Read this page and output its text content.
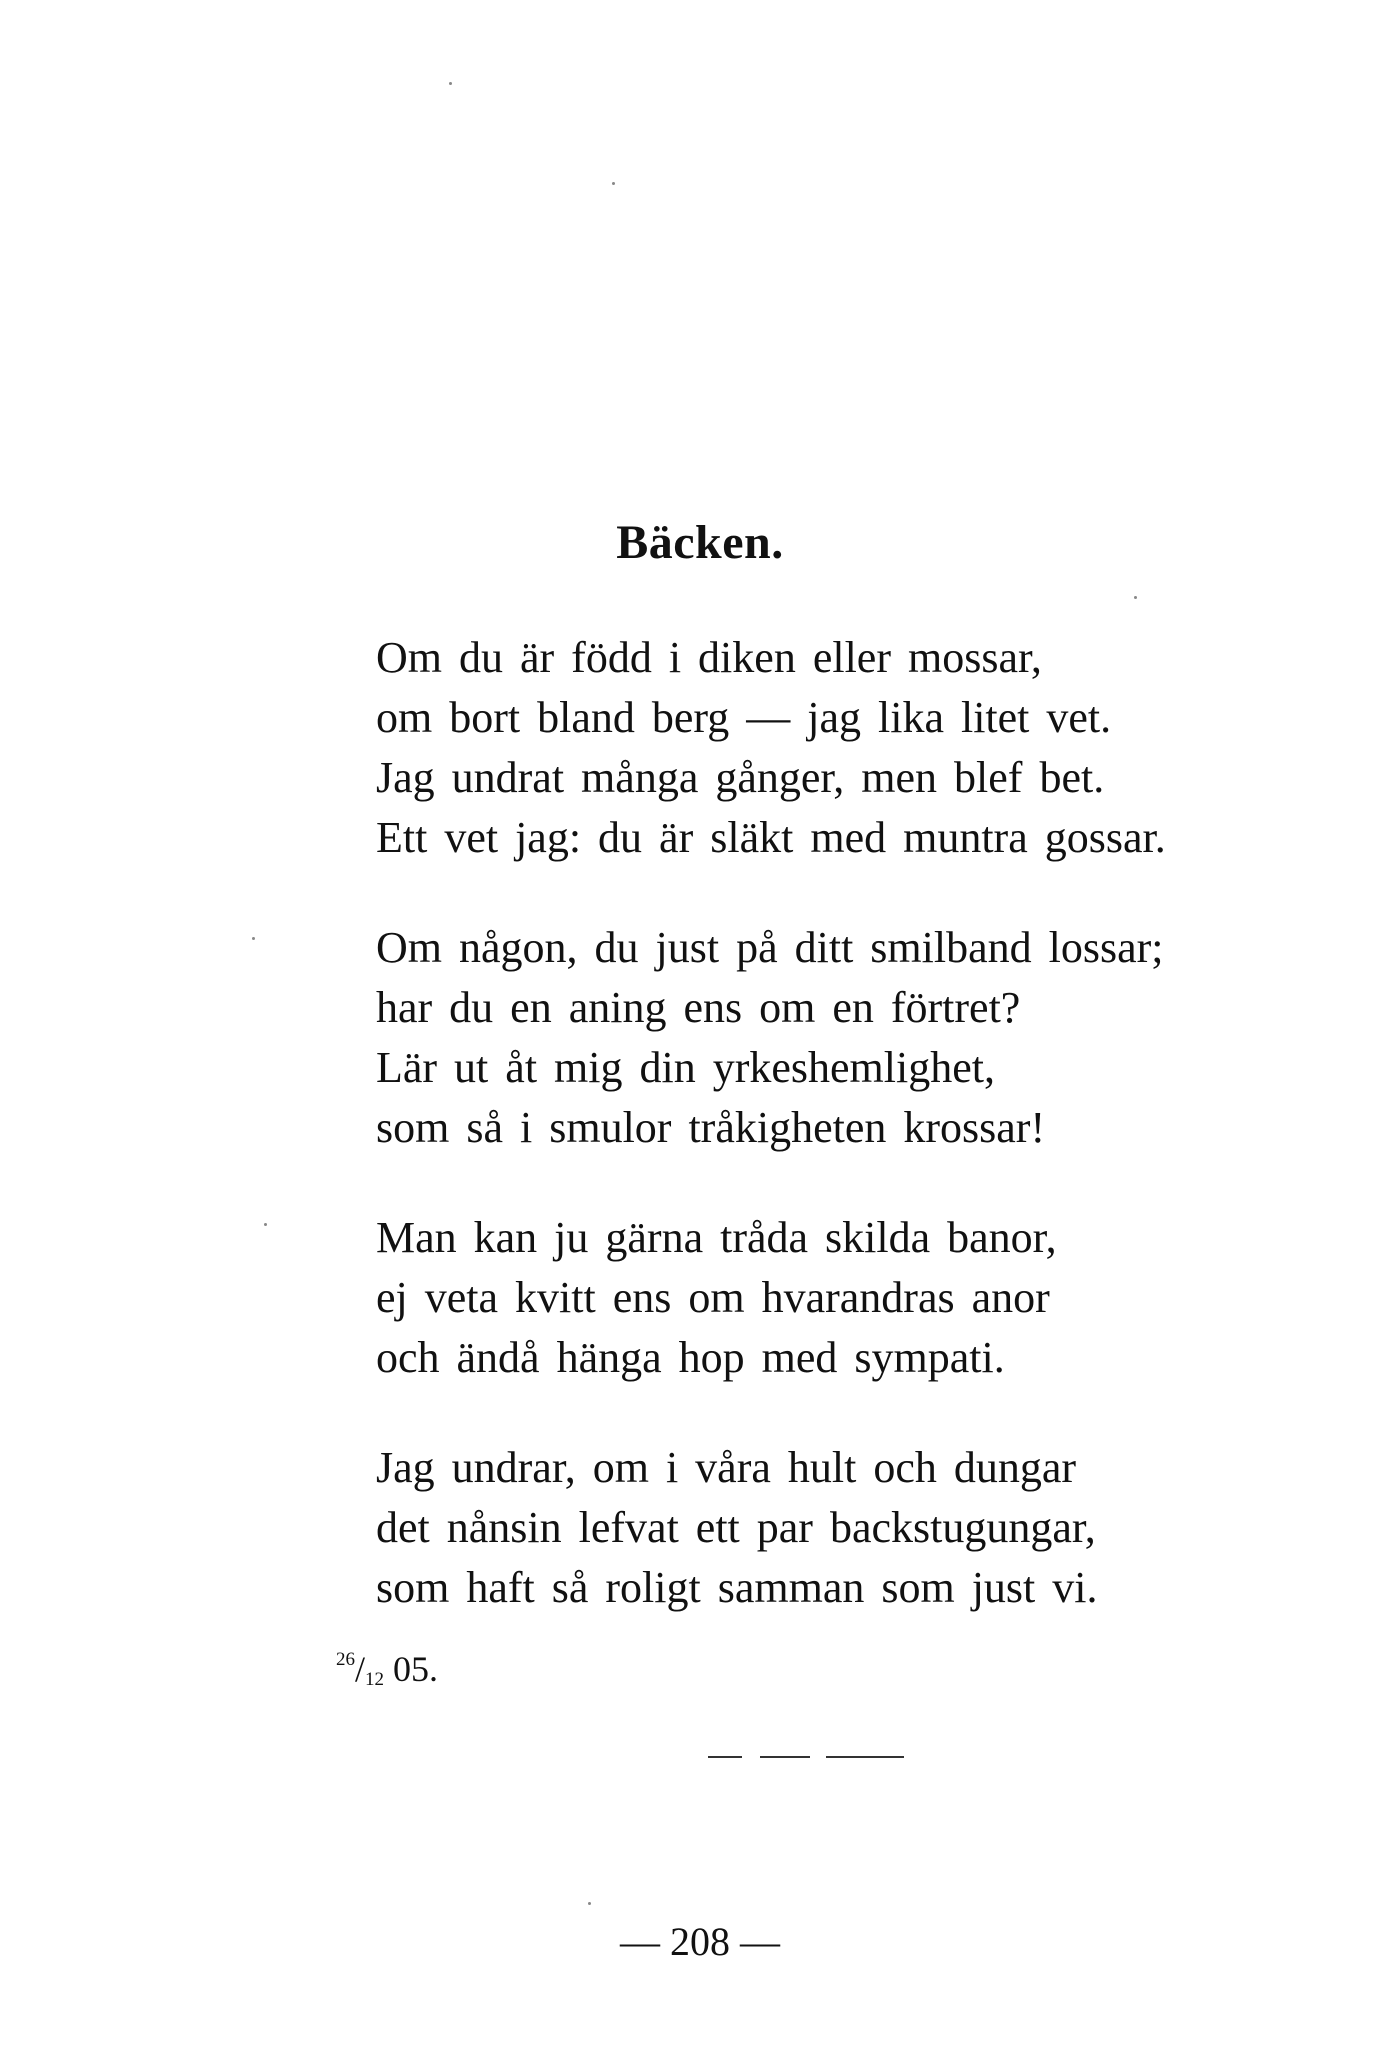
Bäcken.
Om du är född i diken eller mossar,
om bort bland berg — jag lika litet vet.
Jag undrat många gånger, men blef bet.
Ett vet jag: du är släkt med muntra gossar.
Om någon, du just på ditt smilband lossar;
har du en aning ens om en förtret?
Lär ut åt mig din yrkeshemlighet,
som så i smulor tråkigheten krossar!
Man kan ju gärna tråda skilda banor,
ej veta kvitt ens om hvarandras anor
och ändå hänga hop med sympati.
Jag undrar, om i våra hult och dungar
det nånsin lefvat ett par backstugungar,
som haft så roligt samman som just vi.
$^{26}/_{12}$ 05.
— 208 —
